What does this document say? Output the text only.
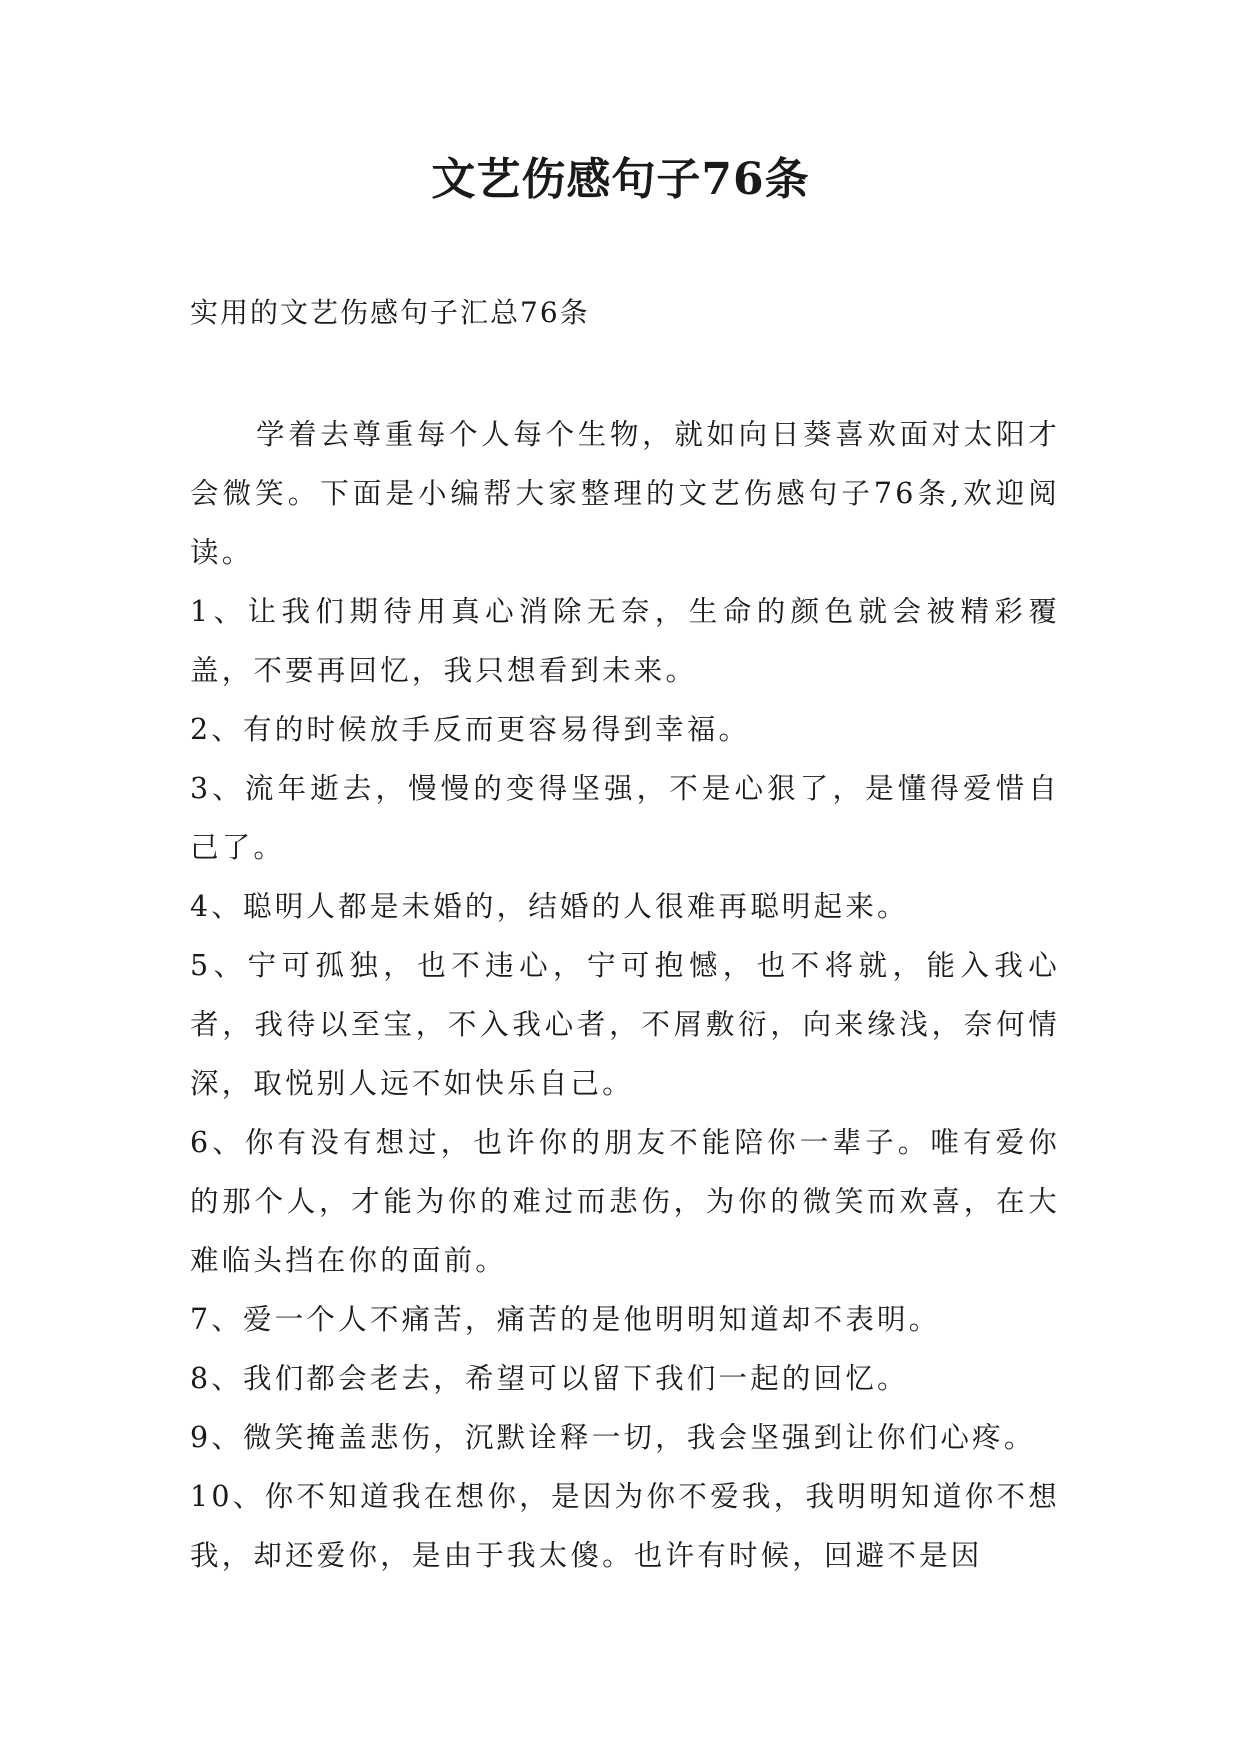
文艺伤感句子76条
实用的文艺伤感句子汇总76条

学着去尊重每个人每个生物，就如向日葵喜欢面对太阳才会微笑。下面是小编帮大家整理的文艺伤感句子76条,欢迎阅读。

1、让我们期待用真心消除无奈，生命的颜色就会被精彩覆盖，不要再回忆，我只想看到未来。

2、有的时候放手反而更容易得到幸福。

3、流年逝去，慢慢的变得坚强，不是心狠了，是懂得爱惜自己了。

4、聪明人都是未婚的，结婚的人很难再聪明起来。

5、宁可孤独，也不违心，宁可抱憾，也不将就，能入我心者，我待以至宝，不入我心者，不屑敷衍，向来缘浅，奈何情深，取悦别人远不如快乐自己。

6、你有没有想过，也许你的朋友不能陪你一辈子。唯有爱你的那个人，才能为你的难过而悲伤，为你的微笑而欢喜，在大难临头挡在你的面前。

7、爱一个人不痛苦，痛苦的是他明明知道却不表明。

8、我们都会老去，希望可以留下我们一起的回忆。

9、微笑掩盖悲伤，沉默诠释一切，我会坚强到让你们心疼。

10、你不知道我在想你，是因为你不爱我，我明明知道你不想我，却还爱你，是由于我太傻。也许有时候，回避不是因
